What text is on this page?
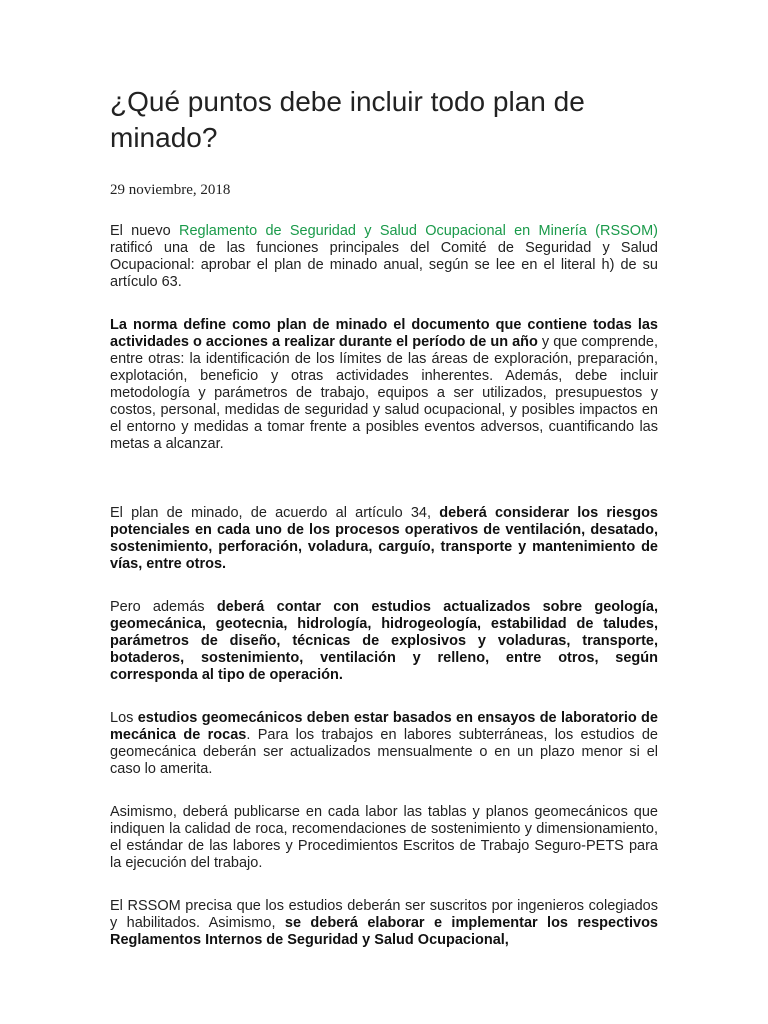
¿Qué puntos debe incluir todo plan de minado?
29 noviembre, 2018

El nuevo Reglamento de Seguridad y Salud Ocupacional en Minería (RSSOM) ratificó una de las funciones principales del Comité de Seguridad y Salud Ocupacional: aprobar el plan de minado anual, según se lee en el literal h) de su artículo 63.

La norma define como plan de minado el documento que contiene todas las actividades o acciones a realizar durante el período de un año y que comprende, entre otras: la identificación de los límites de las áreas de exploración, preparación, explotación, beneficio y otras actividades inherentes. Además, debe incluir metodología y parámetros de trabajo, equipos a ser utilizados, presupuestos y costos, personal, medidas de seguridad y salud ocupacional, y posibles impactos en el entorno y medidas a tomar frente a posibles eventos adversos, cuantificando las metas a alcanzar.

El plan de minado, de acuerdo al artículo 34, deberá considerar los riesgos potenciales en cada uno de los procesos operativos de ventilación, desatado, sostenimiento, perforación, voladura, carguío, transporte y mantenimiento de vías, entre otros.

Pero además deberá contar con estudios actualizados sobre geología, geomecánica, geotecnia, hidrología, hidrogeología, estabilidad de taludes, parámetros de diseño, técnicas de explosivos y voladuras, transporte, botaderos, sostenimiento, ventilación y relleno, entre otros, según corresponda al tipo de operación.

Los estudios geomecánicos deben estar basados en ensayos de laboratorio de mecánica de rocas. Para los trabajos en labores subterráneas, los estudios de geomecánica deberán ser actualizados mensualmente o en un plazo menor si el caso lo amerita.

Asimismo, deberá publicarse en cada labor las tablas y planos geomecánicos que indiquen la calidad de roca, recomendaciones de sostenimiento y dimensionamiento, el estándar de las labores y Procedimientos Escritos de Trabajo Seguro-PETS para la ejecución del trabajo.

El RSSOM precisa que los estudios deberán ser suscritos por ingenieros colegiados y habilitados. Asimismo, se deberá elaborar e implementar los respectivos Reglamentos Internos de Seguridad y Salud Ocupacional,
